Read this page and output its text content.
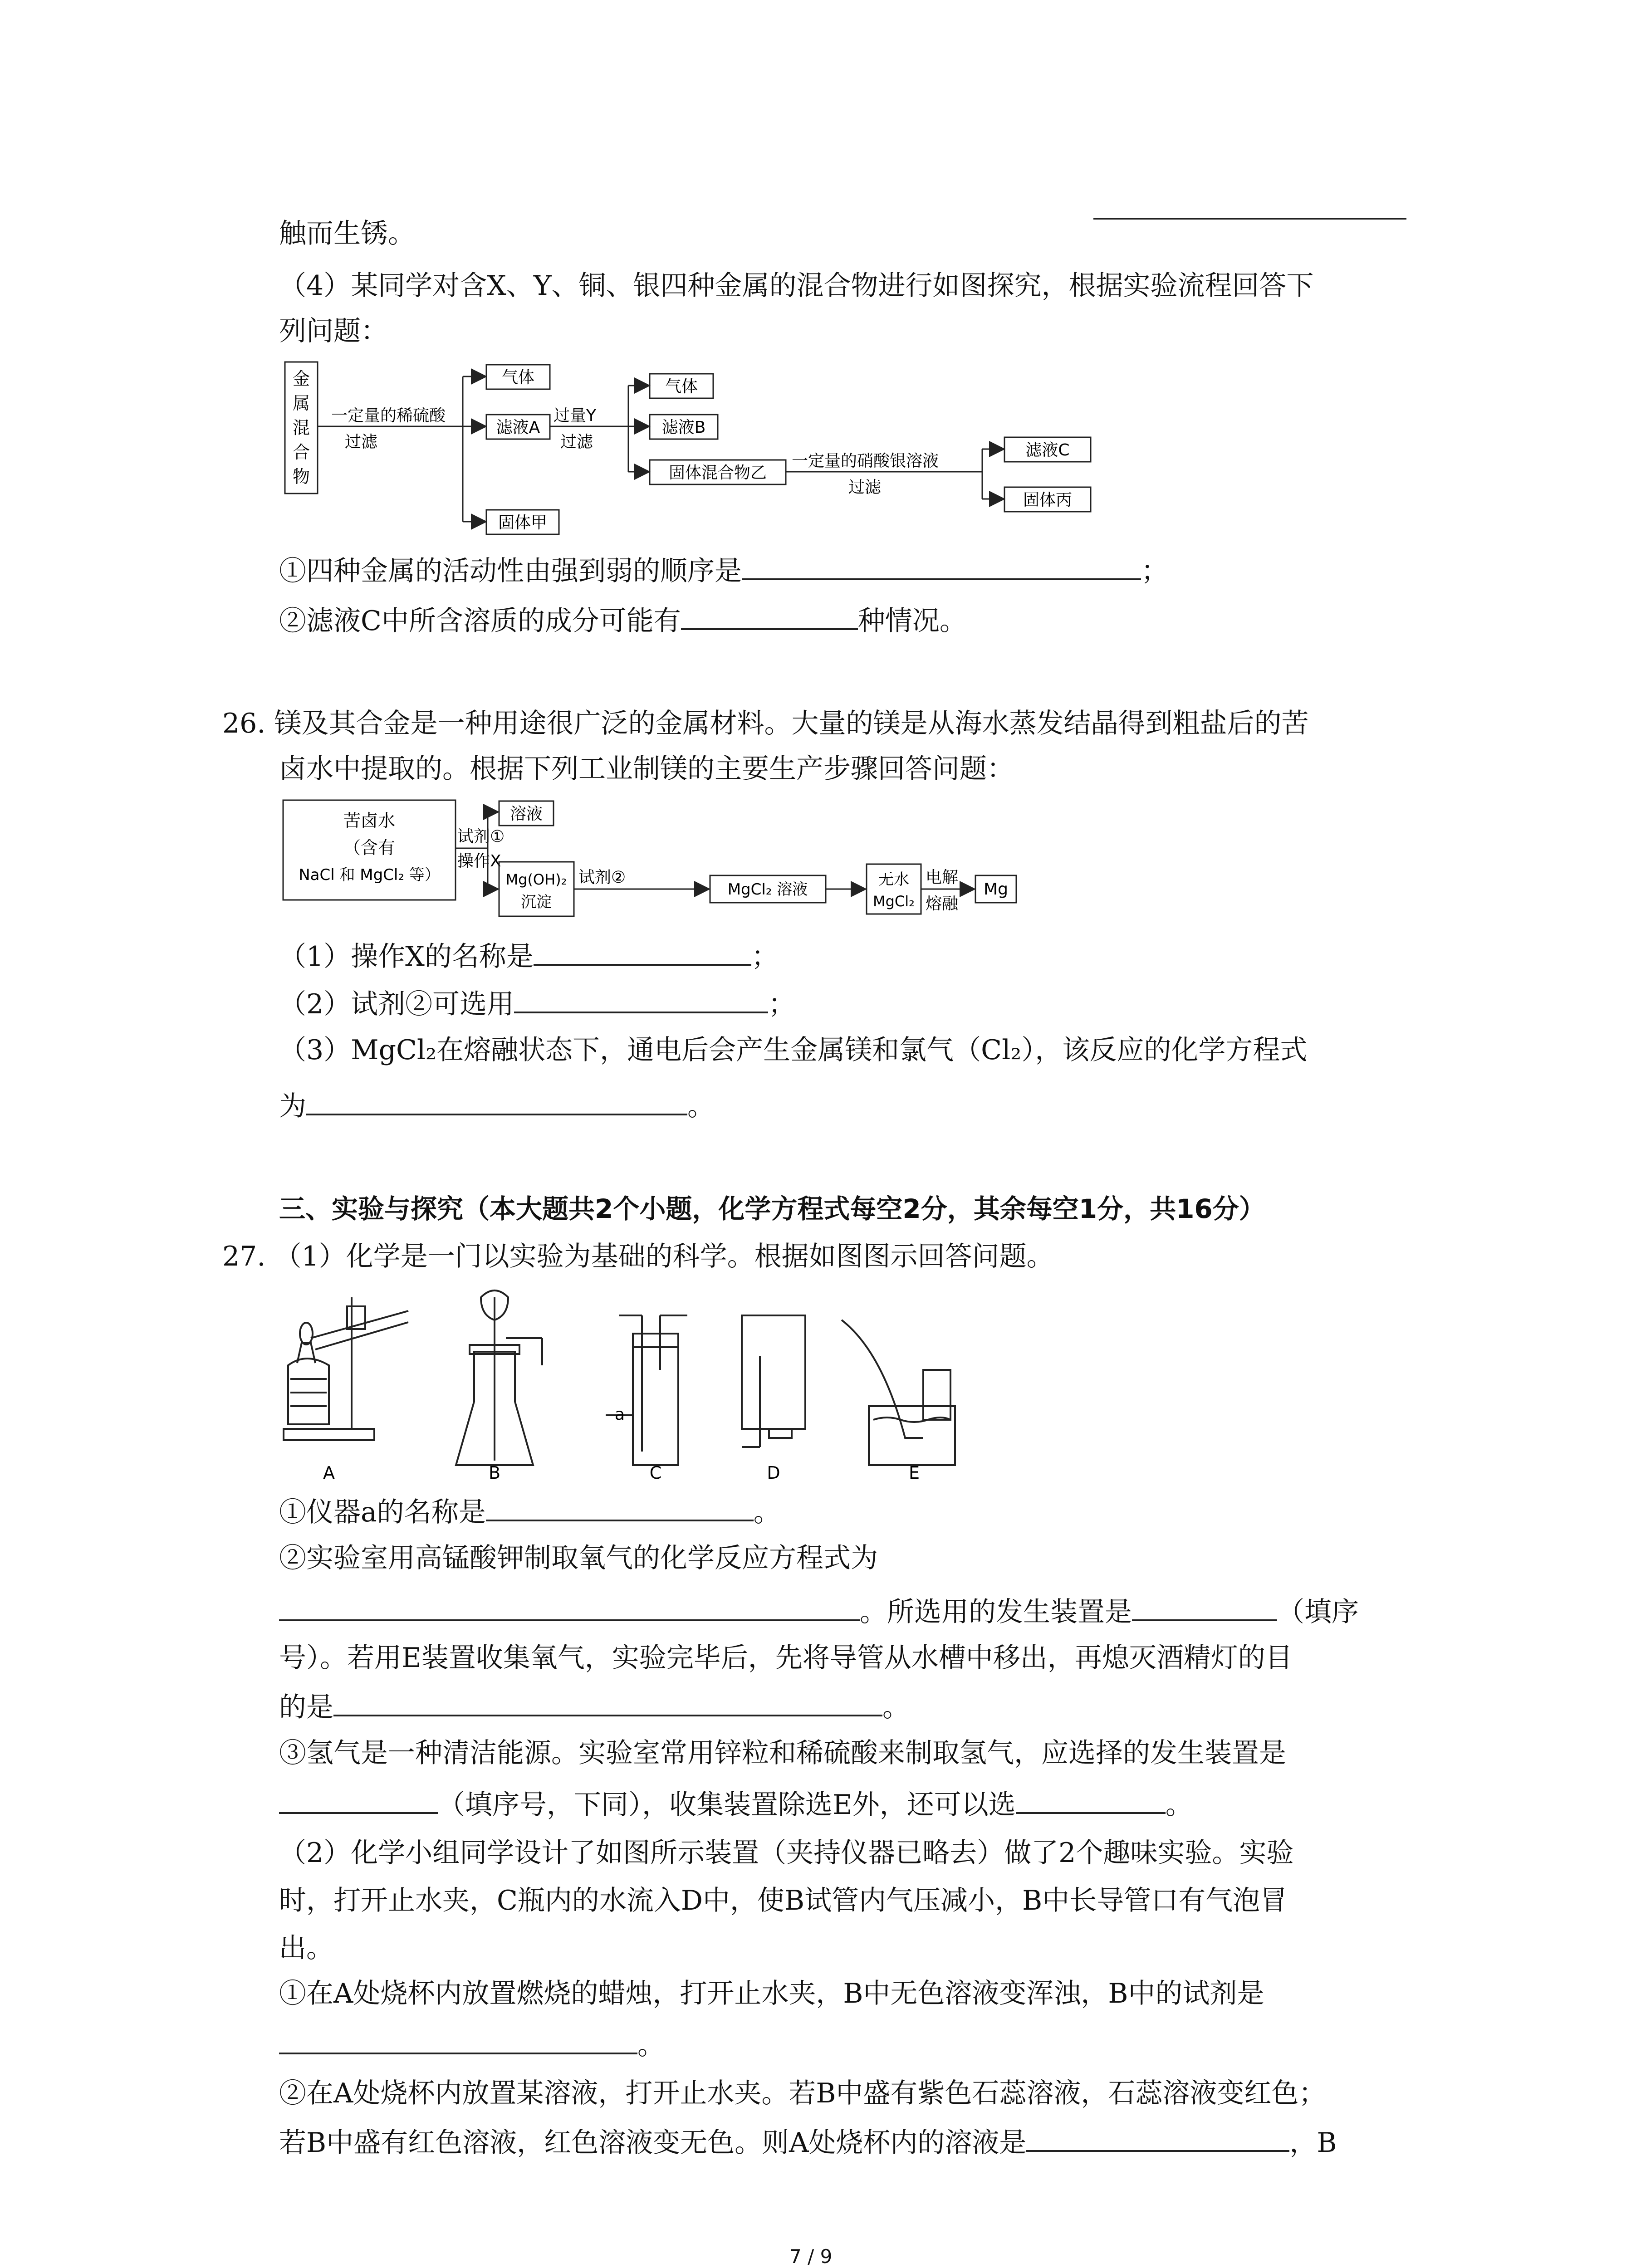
触而生锈。
（4）某同学对含X、Y、铜、银四种金属的混合物进行如图探究，根据实验流程回答下
列问题：
金
属
混
合
物
一定量的稀硫酸
过滤
气体
滤液A
固体甲
过量Y
过滤
气体
滤液B
固体混合物乙
一定量的硝酸银溶液
过滤
滤液C
固体丙
①四种金属的活动性由强到弱的顺序是	；
②滤液C中所含溶质的成分可能有	种情况。
26. 镁及其合金是一种用途很广泛的金属材料。大量的镁是从海水蒸发结晶得到粗盐后的苦
卤水中提取的。根据下列工业制镁的主要生产步骤回答问题：
苦卤水
（含有
NaCl 和 MgCl₂ 等）
试剂①
操作X
溶液
Mg(OH)₂
沉淀
试剂②
MgCl₂ 溶液
无水
MgCl₂
电解
熔融
Mg
（1）操作X的名称是	；
（2）试剂②可选用	；
（3）MgCl₂在熔融状态下，通电后会产生金属镁和氯气（Cl₂），该反应的化学方程式
为	。
三、实验与探究（本大题共2个小题，化学方程式每空2分，其余每空1分，共16分）
27. （1）化学是一门以实验为基础的科学。根据如图图示回答问题。
a
A	B	C	D	E
①仪器a的名称是	。
②实验室用高锰酸钾制取氧气的化学反应方程式为
。所选用的发生装置是	（填序
号）。若用E装置收集氧气，实验完毕后，先将导管从水槽中移出，再熄灭酒精灯的目
的是	。
③氢气是一种清洁能源。实验室常用锌粒和稀硫酸来制取氢气，应选择的发生装置是
（填序号，下同），收集装置除选E外，还可以选	。
（2）化学小组同学设计了如图所示装置（夹持仪器已略去）做了2个趣味实验。实验
时，打开止水夹，C瓶内的水流入D中，使B试管内气压减小，B中长导管口有气泡冒
出。
①在A处烧杯内放置燃烧的蜡烛，打开止水夹，B中无色溶液变浑浊，B中的试剂是
。
②在A处烧杯内放置某溶液，打开止水夹。若B中盛有紫色石蕊溶液，石蕊溶液变红色；
若B中盛有红色溶液，红色溶液变无色。则A处烧杯内的溶液是	，B
7 / 9
